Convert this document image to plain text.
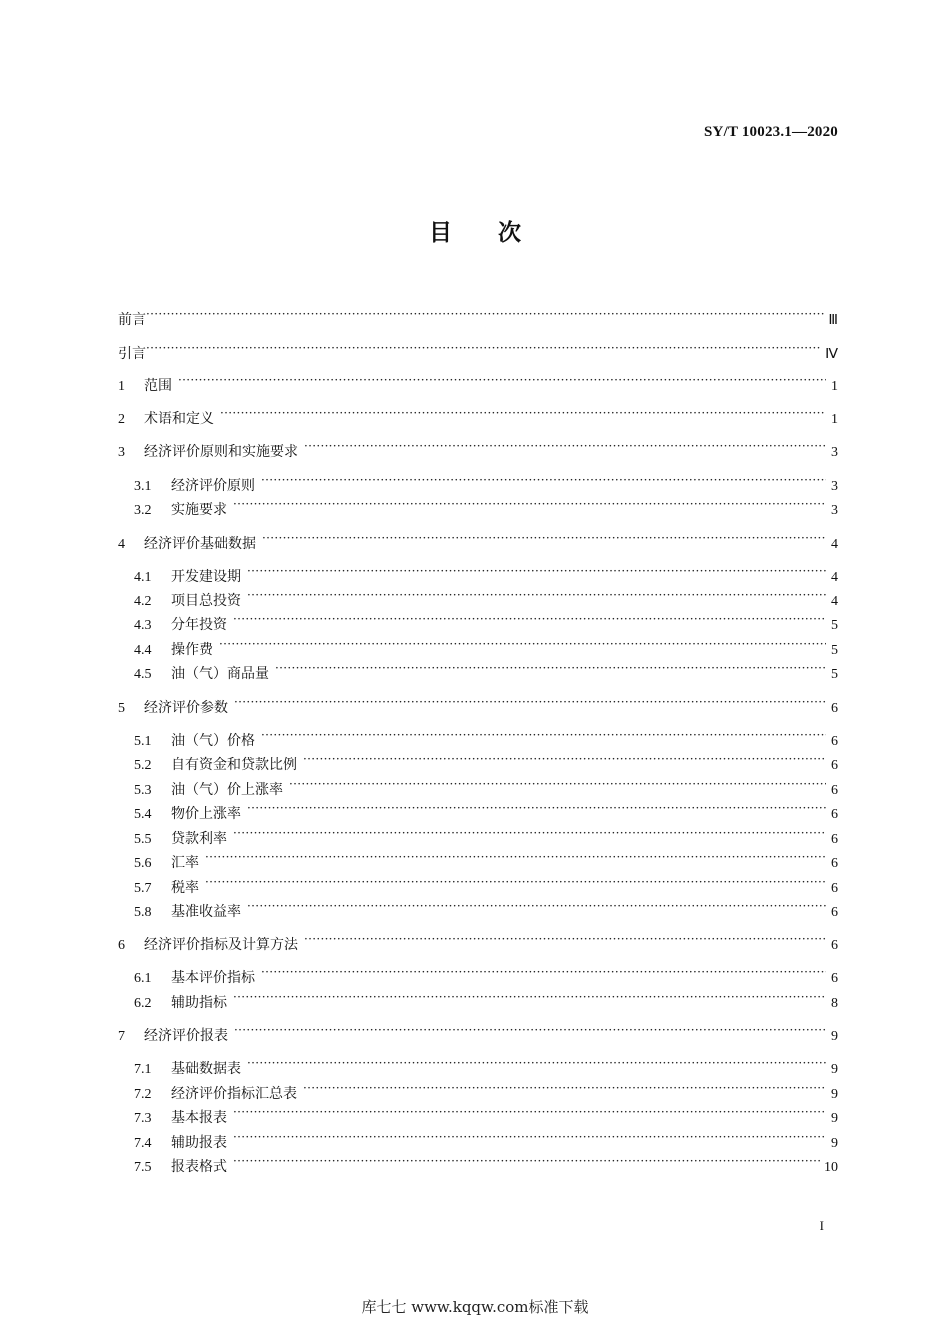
SY/T 10023.1—2020
目 次
前言 ·····	Ⅲ
引言 ·····	Ⅳ
1	范围 ·····	1
2	术语和定义 ·····	1
3	经济评价原则和实施要求 ·····	3
3.1	经济评价原则 ·····	3
3.2	实施要求 ·····	3
4	经济评价基础数据 ·····	4
4.1	开发建设期 ·····	4
4.2	项目总投资 ·····	4
4.3	分年投资 ·····	5
4.4	操作费 ·····	5
4.5	油（气）商品量 ·····	5
5	经济评价参数 ·····	6
5.1	油（气）价格 ·····	6
5.2	自有资金和贷款比例 ·····	6
5.3	油（气）价上涨率 ·····	6
5.4	物价上涨率 ·····	6
5.5	贷款利率 ·····	6
5.6	汇率 ·····	6
5.7	税率 ·····	6
5.8	基准收益率 ·····	6
6	经济评价指标及计算方法 ·····	6
6.1	基本评价指标 ·····	6
6.2	辅助指标 ·····	8
7	经济评价报表 ·····	9
7.1	基础数据表 ·····	9
7.2	经济评价指标汇总表 ·····	9
7.3	基本报表 ·····	9
7.4	辅助报表 ·····	9
7.5	报表格式 ·····	10
I
库七七 www.kqqw.com标准下载
